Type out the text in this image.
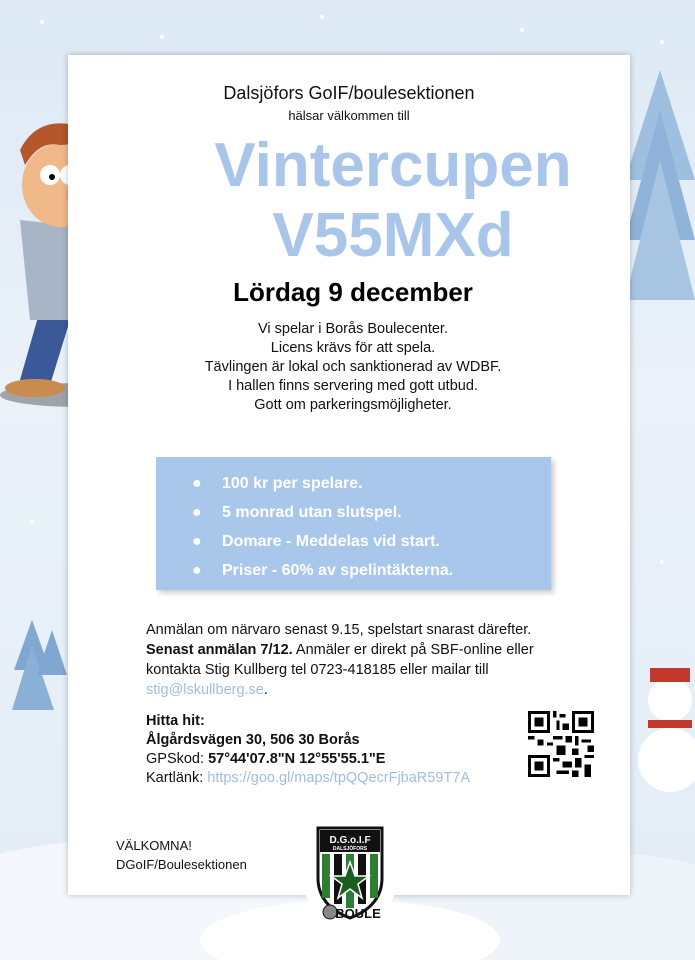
Dalsjöfors GoIF/boulesektionen
hälsar välkommen till
Vintercupen
V55MXd
Lördag 9 december
Vi spelar i Borås Boulecenter.
Licens krävs för att spela.
Tävlingen är lokal och sanktionerad av WDBF.
I hallen finns servering med gott utbud.
Gott om parkeringsmöjligheter.
● 100 kr per spelare.
● 5 monrad utan slutspel.
● Domare - Meddelas vid start.
● Priser - 60% av spelintäkterna.
Anmälan om närvaro senast 9.15, spelstart snarast därefter.
Senast anmälan 7/12. Anmäler er direkt på SBF-online eller
kontakta Stig Kullberg tel 0723-418185 eller mailar till
stig@lskullberg.se.
Hitta hit:
Ålgårdsvägen 30, 506 30 Borås
GPSkod: 57°44'07.8"N 12°55'55.1"E
Kartlänk: https://goo.gl/maps/tpQQecrFjbaR59T7A
VÄLKOMNA!
DGoIF/Boulesektionen
D.G.o.I.F
DALSJÖFORS
BOULE
